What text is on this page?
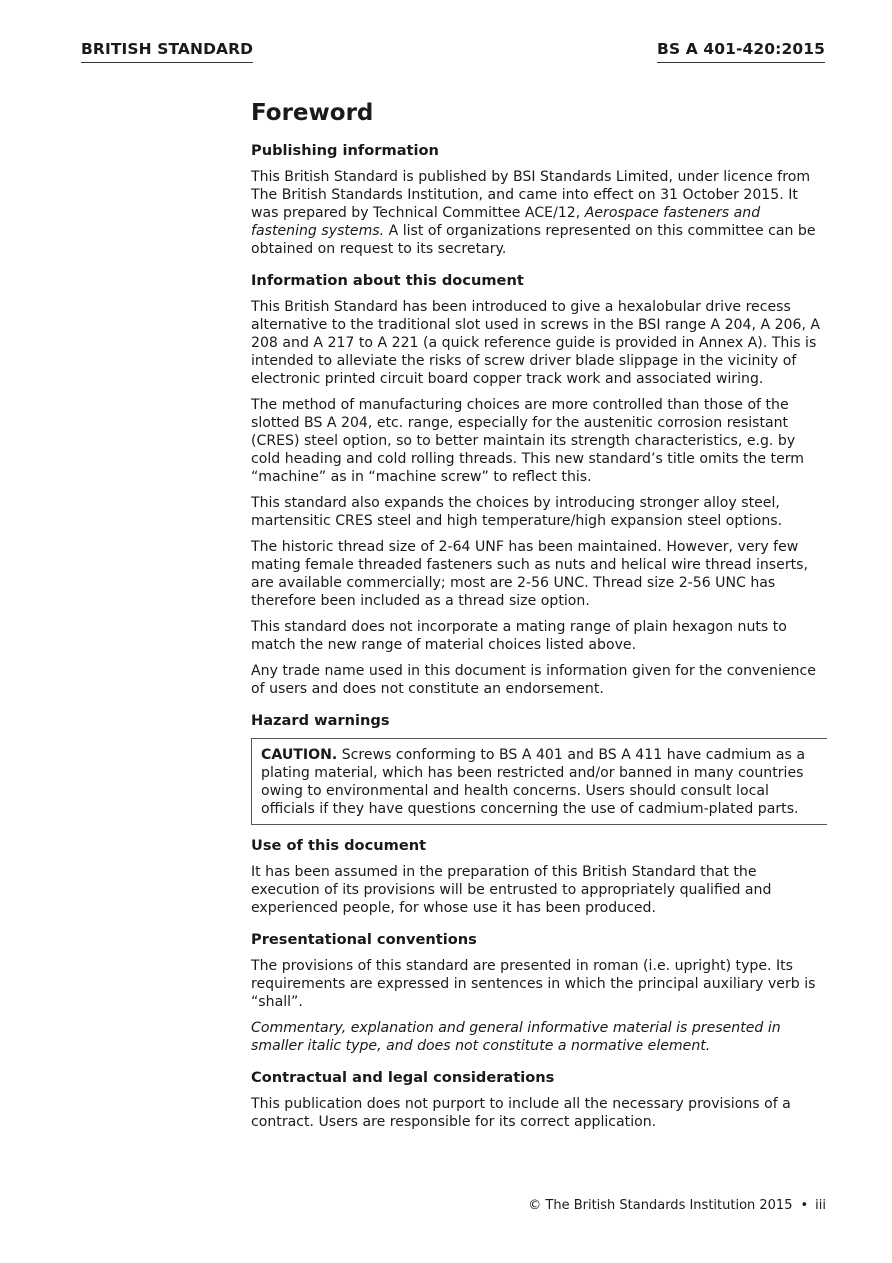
BRITISH STANDARD	BS A 401-420:2015
Foreword
Publishing information

This British Standard is published by BSI Standards Limited, under licence from The British Standards Institution, and came into effect on 31 October 2015. It was prepared by Technical Committee ACE/12, Aerospace fasteners and fastening systems. A list of organizations represented on this committee can be obtained on request to its secretary.

Information about this document

This British Standard has been introduced to give a hexalobular drive recess alternative to the traditional slot used in screws in the BSI range A 204, A 206, A 208 and A 217 to A 221 (a quick reference guide is provided in Annex A). This is intended to alleviate the risks of screw driver blade slippage in the vicinity of electronic printed circuit board copper track work and associated wiring.

The method of manufacturing choices are more controlled than those of the slotted BS A 204, etc. range, especially for the austenitic corrosion resistant (CRES) steel option, so to better maintain its strength characteristics, e.g. by cold heading and cold rolling threads. This new standard’s title omits the term “machine” as in “machine screw” to reflect this.

This standard also expands the choices by introducing stronger alloy steel, martensitic CRES steel and high temperature/high expansion steel options.

The historic thread size of 2-64 UNF has been maintained. However, very few mating female threaded fasteners such as nuts and helical wire thread inserts, are available commercially; most are 2-56 UNC. Thread size 2-56 UNC has therefore been included as a thread size option.

This standard does not incorporate a mating range of plain hexagon nuts to match the new range of material choices listed above.

Any trade name used in this document is information given for the convenience of users and does not constitute an endorsement.

Hazard warnings
CAUTION. Screws conforming to BS A 401 and BS A 411 have cadmium as a plating material, which has been restricted and/or banned in many countries owing to environmental and health concerns. Users should consult local officials if they have questions concerning the use of cadmium-plated parts.
Use of this document

It has been assumed in the preparation of this British Standard that the execution of its provisions will be entrusted to appropriately qualified and experienced people, for whose use it has been produced.

Presentational conventions

The provisions of this standard are presented in roman (i.e. upright) type. Its requirements are expressed in sentences in which the principal auxiliary verb is “shall”.

Commentary, explanation and general informative material is presented in smaller italic type, and does not constitute a normative element.

Contractual and legal considerations

This publication does not purport to include all the necessary provisions of a contract. Users are responsible for its correct application.

© The British Standards Institution 2015 • iii
